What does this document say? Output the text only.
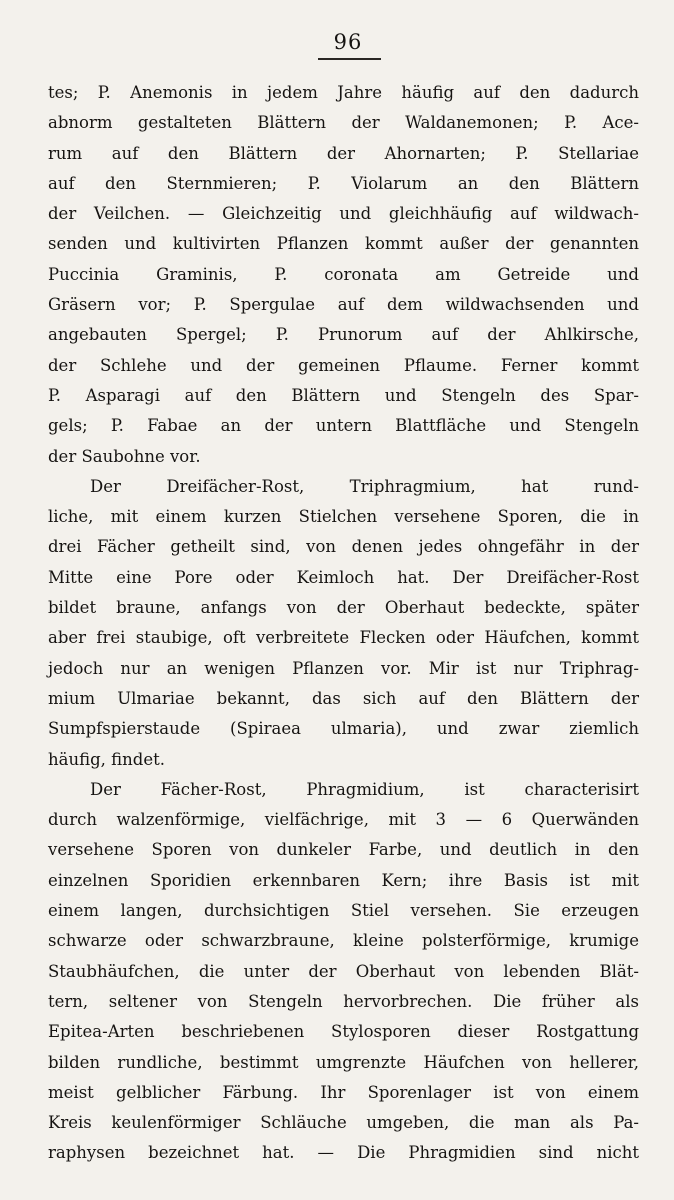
96
tes; P. Anemonis in jedem Jahre häufig auf den dadurch
abnorm gestalteten Blättern der Waldanemonen; P. Ace-
rum auf den Blättern der Ahornarten; P. Stellariae
auf den Sternmieren; P. Violarum an den Blättern
der Veilchen. — Gleichzeitig und gleichhäufig auf wildwach-
senden und kultivirten Pflanzen kommt außer der genannten
Puccinia Graminis, P. coronata am Getreide und
Gräsern vor; P. Spergulae auf dem wildwachsenden und
angebauten Spergel; P. Prunorum auf der Ahlkirsche,
der Schlehe und der gemeinen Pflaume. Ferner kommt
P. Asparagi auf den Blättern und Stengeln des Spar-
gels; P. Fabae an der untern Blattfläche und Stengeln
der Saubohne vor.
Der Dreifächer-Rost, Triphragmium, hat rund-
liche, mit einem kurzen Stielchen versehene Sporen, die in
drei Fächer getheilt sind, von denen jedes ohngefähr in der
Mitte eine Pore oder Keimloch hat. Der Dreifächer-Rost
bildet braune, anfangs von der Oberhaut bedeckte, später
aber frei staubige, oft verbreitete Flecken oder Häufchen, kommt
jedoch nur an wenigen Pflanzen vor. Mir ist nur Triphrag-
mium Ulmariae bekannt, das sich auf den Blättern der
Sumpfspierstaude (Spiraea ulmaria), und zwar ziemlich
häufig, findet.
Der Fächer-Rost, Phragmidium, ist characterisirt
durch walzenförmige, vielfächrige, mit 3 — 6 Querwänden
versehene Sporen von dunkeler Farbe, und deutlich in den
einzelnen Sporidien erkennbaren Kern; ihre Basis ist mit
einem langen, durchsichtigen Stiel versehen. Sie erzeugen
schwarze oder schwarzbraune, kleine polsterförmige, krumige
Staubhäufchen, die unter der Oberhaut von lebenden Blät-
tern, seltener von Stengeln hervorbrechen. Die früher als
Epitea-Arten beschriebenen Stylosporen dieser Rostgattung
bilden rundliche, bestimmt umgrenzte Häufchen von hellerer,
meist gelblicher Färbung. Ihr Sporenlager ist von einem
Kreis keulenförmiger Schläuche umgeben, die man als Pa-
raphysen bezeichnet hat. — Die Phragmidien sind nicht
